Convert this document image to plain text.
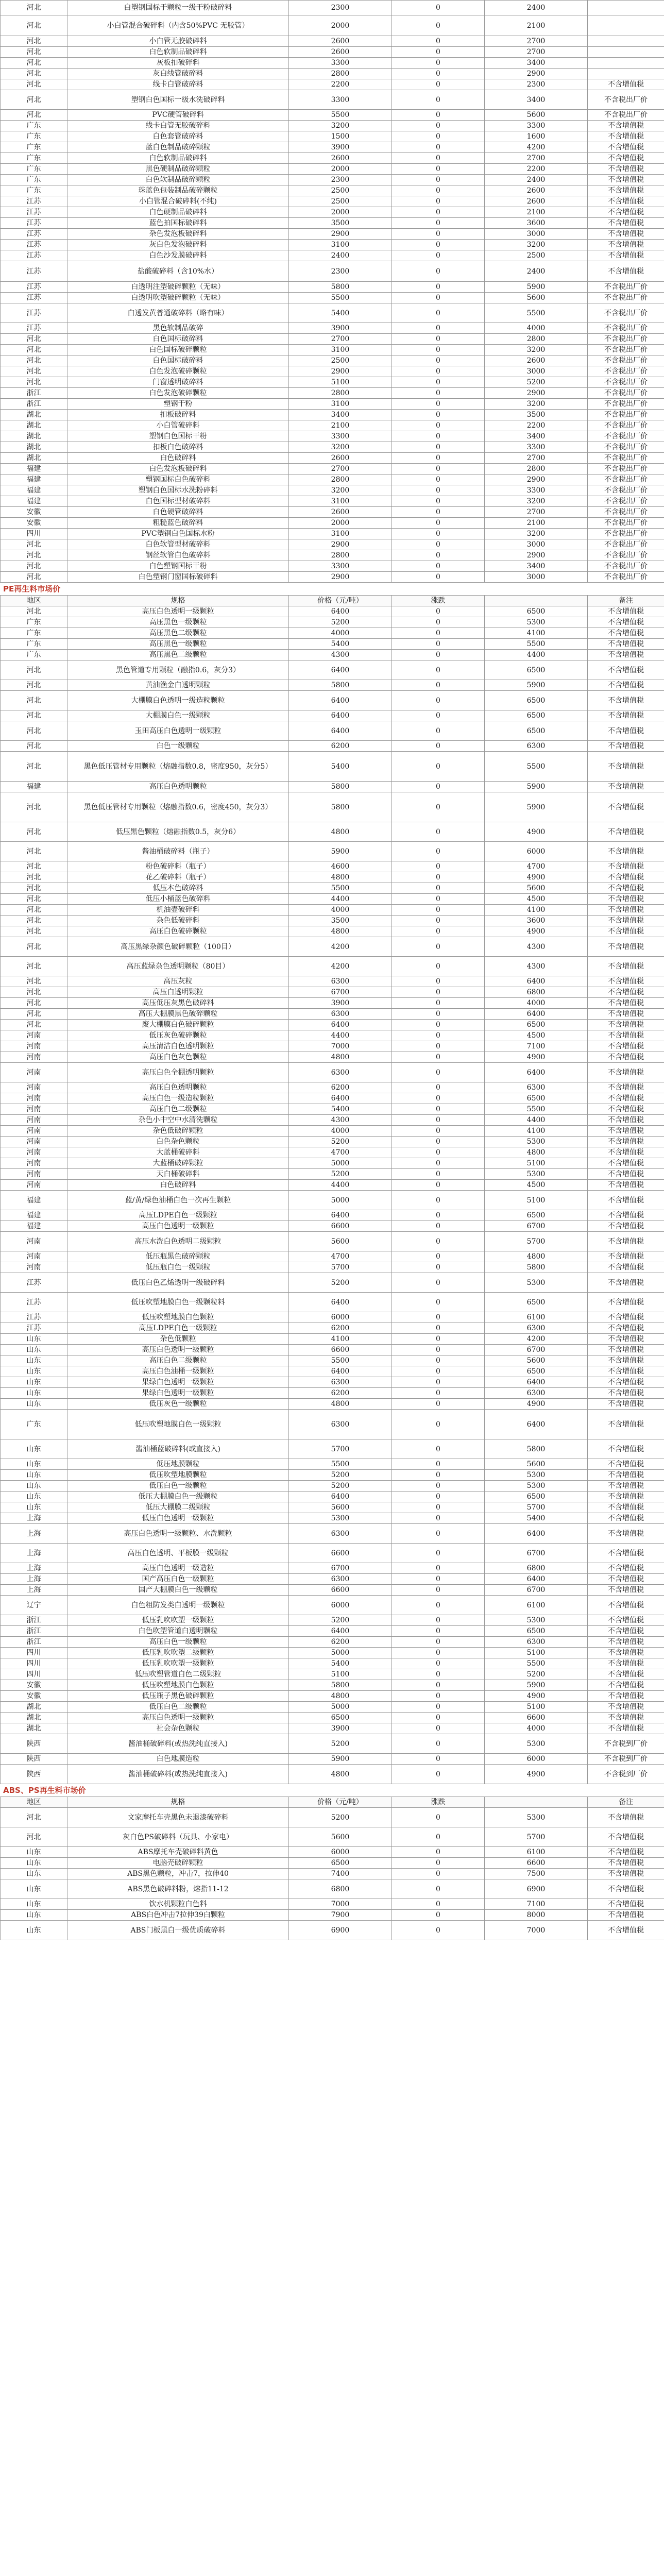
河北	白塑钢国标于颗粒一级干粉破碎料	2300	0	2400	
河北	小白管混合破碎料（内含50%PVC 无胶管）	2000	0	2100	
河北	小白管无胶破碎料	2600	0	2700	
河北	白色软制品破碎料	2600	0	2700	
河北	灰板扣破碎料	3300	0	3400	
河北	灰白线管破碎料	2800	0	2900	
河北	线卡白管破碎料	2200	0	2300	不含增值税
河北	塑钢白色国标一级水洗破碎料	3300	0	3400	不含税出厂价
河北	PVC硬管破碎料	5500	0	5600	不含税出厂价
广东	线卡白管无胶破碎料	3200	0	3300	不含增值税
广东	白色套管破碎料	1500	0	1600	不含增值税
广东	蓝白色制品破碎颗粒	3900	0	4200	不含增值税
广东	白色软制品破碎料	2600	0	2700	不含增值税
广东	黑色硬制品破碎颗粒	2000	0	2200	不含增值税
广东	白色软制品破碎颗粒	2300	0	2400	不含增值税
广东	珠蓝色包装制品破碎颗粒	2500	0	2600	不含增值税
江苏	小白管混合破碎料(不纯)	2500	0	2600	不含增值税
江苏	白色硬制品破碎料	2000	0	2100	不含增值税
江苏	蓝色拍国标破碎料	3500	0	3600	不含增值税
江苏	杂色发泡板破碎料	2900	0	3000	不含增值税
江苏	灰白色发泡破碎料	3100	0	3200	不含增值税
江苏	白色沙发膜破碎料	2400	0	2500	不含增值税
江苏	盐酸破碎料（含10%水）	2300	0	2400	不含增值税
江苏	白透明注塑破碎颗粒（无味）	5800	0	5900	不含税出厂价
江苏	白透明吹塑破碎颗粒（无味）	5500	0	5600	不含税出厂价
江苏	白透发黄普通破碎料（略有味）	5400	0	5500	不含税出厂价
江苏	黑色软制品破碎	3900	0	4000	不含税出厂价
河北	白色国标破碎料	2700	0	2800	不含税出厂价
河北	白色国标破碎颗粒	3100	0	3200	不含税出厂价
河北	白色国标破碎料	2500	0	2600	不含税出厂价
河北	白色发泡破碎颗粒	2900	0	3000	不含税出厂价
河北	门窗透明破碎料	5100	0	5200	不含税出厂价
浙江	白色发泡破碎颗粒	2800	0	2900	不含税出厂价
浙江	塑钢干粉	3100	0	3200	不含税出厂价
湖北	扣板破碎料	3400	0	3500	不含税出厂价
湖北	小白管破碎料	2100	0	2200	不含税出厂价
湖北	塑钢白色国标干粉	3300	0	3400	不含税出厂价
湖北	扣板白色破碎料	3200	0	3300	不含税出厂价
湖北	白色破碎料	2600	0	2700	不含税出厂价
福建	白色发泡板破碎料	2700	0	2800	不含税出厂价
福建	塑钢国标白色破碎料	2800	0	2900	不含税出厂价
福建	塑钢白色国标水洗粉碎料	3200	0	3300	不含税出厂价
福建	白色国标型材破碎料	3100	0	3200	不含税出厂价
安徽	白色硬管破碎料	2600	0	2700	不含税出厂价
安徽	粗糙蓝色破碎料	2000	0	2100	不含税出厂价
四川	PVC塑钢白色国标水粉	3100	0	3200	不含税出厂价
河北	白色软管型材破碎料	2900	0	3000	不含税出厂价
河北	钢丝软管白色破碎料	2800	0	2900	不含税出厂价
河北	白色塑钢国标干粉	3300	0	3400	不含税出厂价
河北	白色塑钢门窗国标破碎料	2900	0	3000	不含税出厂价
PE再生料市场价
地区	规格	价格（元/吨）	涨跌		备注
河北	高压白色透明一级颗粒	6400	0	6500	不含增值税
广东	高压黑色一级颗粒	5200	0	5300	不含增值税
广东	高压黑色二级颗粒	4000	0	4100	不含增值税
广东	高压黑色一级颗粒	5400	0	5500	不含增值税
广东	高压黑色二级颗粒	4300	0	4400	不含增值税
河北	黑色管道专用颗粒（融指0.6，灰分3）	6400	0	6500	不含增值税
河北	黄油渔金白透明颗粒	5800	0	5900	不含增值税
河北	大棚膜白色透明一级造粒颗粒	6400	0	6500	不含增值税
河北	大棚膜白色一级颗粒	6400	0	6500	不含增值税
河北	玉田高压白色透明一级颗粒	6400	0	6500	不含增值税
河北	白色一级颗粒	6200	0	6300	不含增值税
河北	黑色低压管材专用颗粒（熔融指数0.8，密度950，灰分5）	5400	0	5500	不含增值税
福建	高压白色透明颗粒	5800	0	5900	不含增值税
河北	黑色低压管材专用颗粒（熔融指数0.6，密度450，灰分3）	5800	0	5900	不含增值税
河北	低压黑色颗粒（熔融指数0.5，灰分6）	4800	0	4900	不含增值税
河北	酱油桶破碎料（瓶子）	5900	0	6000	不含增值税
河北	粉色破碎料（瓶子）	4600	0	4700	不含增值税
河北	花乙破碎料（瓶子）	4800	0	4900	不含增值税
河北	低压本色破碎料	5500	0	5600	不含增值税
河北	低压小桶蓝色破碎料	4400	0	4500	不含增值税
河北	机油壶破碎料	4000	0	4100	不含增值税
河北	杂色低破碎料	3500	0	3600	不含增值税
河北	高压白色破碎颗粒	4800	0	4900	不含增值税
河北	高压黑绿杂颜色破碎颗粒（100目）	4200	0	4300	不含增值税
河北	高压蓝绿杂色透明颗粒（80目）	4200	0	4300	不含增值税
河北	高压灰粒	6300	0	6400	不含增值税
河北	高压白透明颗粒	6700	0	6800	不含增值税
河北	高压低压灰黑色破碎料	3900	0	4000	不含增值税
河北	高压大棚膜黑色破碎颗粒	6300	0	6400	不含增值税
河北	废大棚膜白色破碎颗粒	6400	0	6500	不含增值税
河南	低压灰色破碎颗粒	4400	0	4500	不含增值税
河南	高压清洁白色透明颗粒	7000	0	7100	不含增值税
河南	高压白色灰色颗粒	4800	0	4900	不含增值税
河南	高压白色全棚透明颗粒	6300	0	6400	不含增值税
河南	高压白色透明颗粒	6200	0	6300	不含增值税
河南	高压白色一级造粒颗粒	6400	0	6500	不含增值税
河南	高压白色二级颗粒	5400	0	5500	不含增值税
河南	杂色小中空中水清洗颗粒	4300	0	4400	不含增值税
河南	杂色低破碎颗粒	4000	0	4100	不含增值税
河南	白色杂色颗粒	5200	0	5300	不含增值税
河南	大蓝桶破碎料	4700	0	4800	不含增值税
河南	大蓝桶破碎颗粒	5000	0	5100	不含增值税
河南	天白桶破碎料	5200	0	5300	不含增值税
河南	白色破碎料	4400	0	4500	不含增值税
福建	蓝/黄/绿色油桶白色一次再生颗粒	5000	0	5100	不含增值税
福建	高压LDPE白色一级颗粒	6400	0	6500	不含增值税
福建	高压白色透明一级颗粒	6600	0	6700	不含增值税
河南	高压水洗白色透明二级颗粒	5600	0	5700	不含增值税
河南	低压瓶黑色破碎颗粒	4700	0	4800	不含增值税
河南	低压瓶白色一级颗粒	5700	0	5800	不含增值税
江苏	低压白色乙烯透明一级破碎料	5200	0	5300	不含增值税
江苏	低压吹塑地膜白色一级颗粒料	6400	0	6500	不含增值税
江苏	低压吹塑地膜白色颗粒	6000	0	6100	不含增值税
江苏	高压LDPE白色一级颗粒	6200	0	6300	不含增值税
山东	杂色低颗粒	4100	0	4200	不含增值税
山东	高压白色透明一级颗粒	6600	0	6700	不含增值税
山东	高压白色二级颗粒	5500	0	5600	不含增值税
山东	高压白色油桶一级颗粒	6400	0	6500	不含增值税
山东	果绿白色透明一级颗粒	6300	0	6400	不含增值税
山东	果绿白色透明一级颗粒	6200	0	6300	不含增值税
山东	低压灰色一级颗粒	4800	0	4900	不含增值税
广东	低压吹塑地膜白色一级颗粒	6300	0	6400	不含增值税
山东	酱油桶蓝破碎料(或直接入)	5700	0	5800	不含增值税
山东	低压地膜颗粒	5500	0	5600	不含增值税
山东	低压吹塑地膜颗粒	5200	0	5300	不含增值税
山东	低压白色一级颗粒	5200	0	5300	不含增值税
山东	低压大棚膜白色一级颗粒	6400	0	6500	不含增值税
山东	低压大棚膜二级颗粒	5600	0	5700	不含增值税
上海	低压白色透明一级颗粒	5300	0	5400	不含增值税
上海	高压白色透明一级颗粒、水洗颗粒	6300	0	6400	不含增值税
上海	高压白色透明、平板膜一级颗粒	6600	0	6700	不含增值税
上海	高压白色透明一级造粒	6700	0	6800	不含增值税
上海	国产高压白色一级颗粒	6300	0	6400	不含增值税
上海	国产大棚膜白色一级颗粒	6600	0	6700	不含增值税
辽宁	白色粗防发类白透明一级颗粒	6000	0	6100	不含增值税
浙江	低压乳吹吹塑一级颗粒	5200	0	5300	不含增值税
浙江	白色吹塑管道白透明颗粒	6400	0	6500	不含增值税
浙江	高压白色一级颗粒	6200	0	6300	不含增值税
四川	低压乳吹吹塑二级颗粒	5000	0	5100	不含增值税
四川	低压乳吹吹塑一级颗粒	5400	0	5500	不含增值税
四川	低压吹塑管道白色二级颗粒	5100	0	5200	不含增值税
安徽	低压吹塑地膜白色颗粒	5800	0	5900	不含增值税
安徽	低压瓶子黑色破碎颗粒	4800	0	4900	不含增值税
湖北	低压白色二级颗粒	5000	0	5100	不含增值税
湖北	高压白色透明一级颗粒	6500	0	6600	不含增值税
湖北	社会杂色颗粒	3900	0	4000	不含增值税
陕西	酱油桶破碎料(或热洗纯直接入)	5200	0	5300	不含税到厂价
陕西	白色地膜造粒	5900	0	6000	不含税到厂价
陕西	酱油桶破碎料(或热洗纯直接入)	4800	0	4900	不含税到厂价
ABS、PS再生料市场价
地区	规格	价格（元/吨）	涨跌		备注
河北	文家摩托车壳黑色未退漆破碎料	5200	0	5300	不含增值税
河北	灰白色PS破碎料（玩具、小家电）	5600	0	5700	不含增值税
山东	ABS摩托车壳破碎料黄色	6000	0	6100	不含增值税
山东	电脑壳破碎颗粒	6500	0	6600	不含增值税
山东	ABS黑色颗粒，冲击7，拉伸40	7400	0	7500	不含增值税
山东	ABS黑色破碎料粉，熔指11-12	6800	0	6900	不含增值税
山东	饮水机颗粒白色料	7000	0	7100	不含增值税
山东	ABS白色冲击7拉伸39白颗粒	7900	0	8000	不含增值税
山东	ABS门板黑白一级优质破碎料	6900	0	7000	不含增值税
